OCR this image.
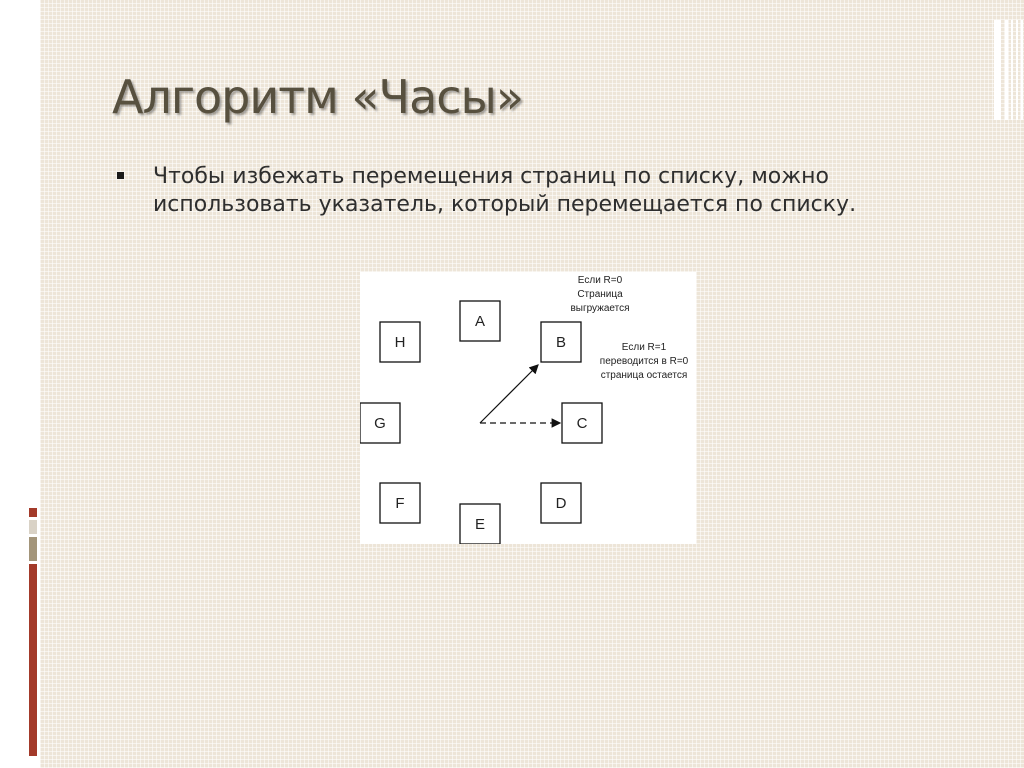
Алгоритм «Часы»

Чтобы избежать перемещения страниц по списку, можно использовать указатель, который перемещается по списку.

A
B
C
D
E
F
G
H
Если R=0
Страница
выгружается
Если R=1
переводится в R=0
страница остается
